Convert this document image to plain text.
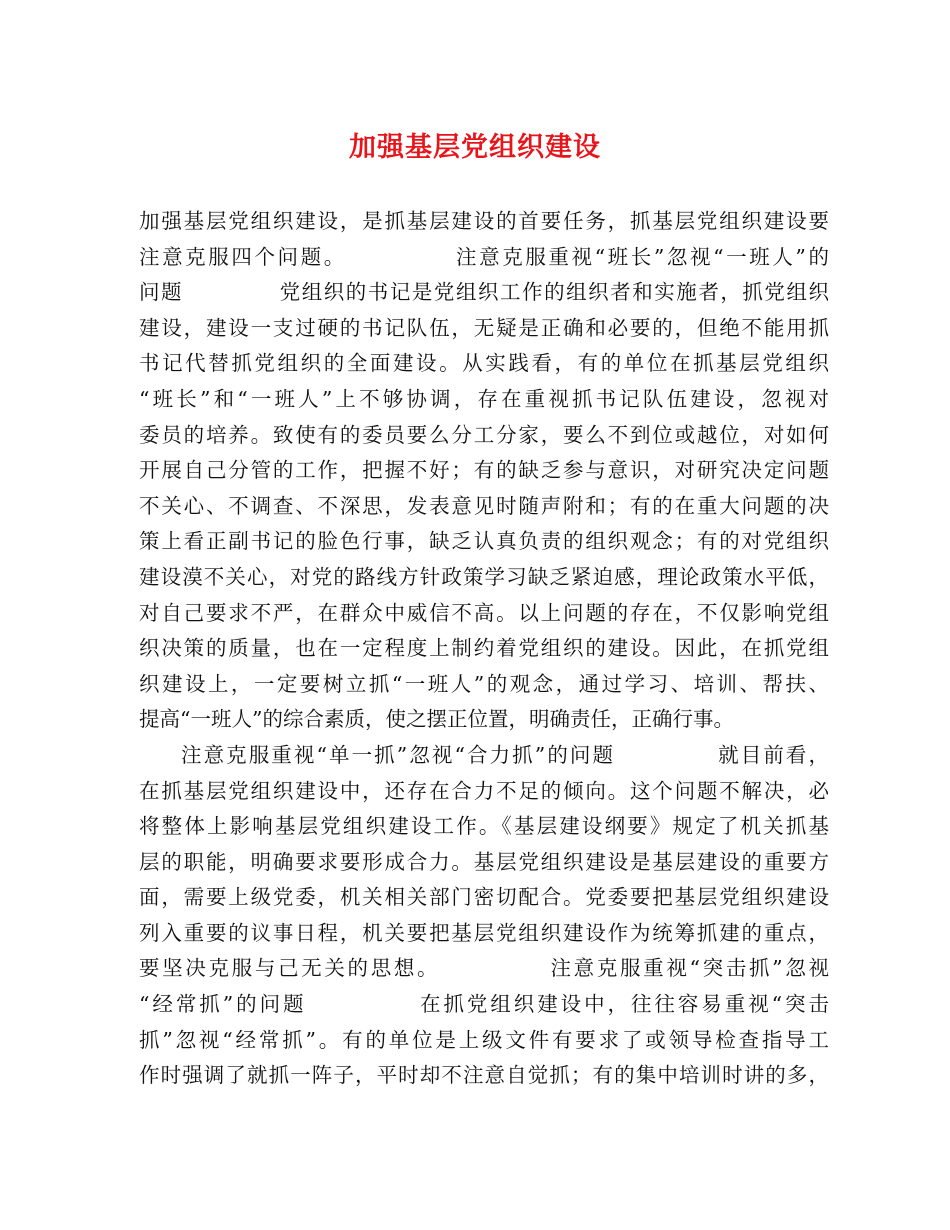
加强基层党组织建设
加强基层党组织建设，是抓基层建设的首要任务，抓基层党组织建设要
注意克服四个问题。            注意克服重视“班长”忽视“一班人”的
问题            党组织的书记是党组织工作的组织者和实施者，抓党组织
建设，建设一支过硬的书记队伍，无疑是正确和必要的，但绝不能用抓
书记代替抓党组织的全面建设。从实践看，有的单位在抓基层党组织
“班长”和“一班人”上不够协调，存在重视抓书记队伍建设，忽视对
委员的培养。致使有的委员要么分工分家，要么不到位或越位，对如何
开展自己分管的工作，把握不好；有的缺乏参与意识，对研究决定问题
不关心、不调查、不深思，发表意见时随声附和；有的在重大问题的决
策上看正副书记的脸色行事，缺乏认真负责的组织观念；有的对党组织
建设漠不关心，对党的路线方针政策学习缺乏紧迫感，理论政策水平低，
对自己要求不严，在群众中威信不高。以上问题的存在，不仅影响党组
织决策的质量，也在一定程度上制约着党组织的建设。因此，在抓党组
织建设上，一定要树立抓“一班人”的观念，通过学习、培训、帮扶、
提高“一班人”的综合素质，使之摆正位置，明确责任，正确行事。
注意克服重视“单一抓”忽视“合力抓”的问题            就目前看，
在抓基层党组织建设中，还存在合力不足的倾向。这个问题不解决，必
将整体上影响基层党组织建设工作。《基层建设纲要》规定了机关抓基
层的职能，明确要求要形成合力。基层党组织建设是基层建设的重要方
面，需要上级党委，机关相关部门密切配合。党委要把基层党组织建设
列入重要的议事日程，机关要把基层党组织建设作为统筹抓建的重点，
要坚决克服与己无关的思想。            注意克服重视“突击抓”忽视
“经常抓”的问题            在抓党组织建设中，往往容易重视“突击
抓”忽视“经常抓”。有的单位是上级文件有要求了或领导检查指导工
作时强调了就抓一阵子，平时却不注意自觉抓；有的集中培训时讲的多，
